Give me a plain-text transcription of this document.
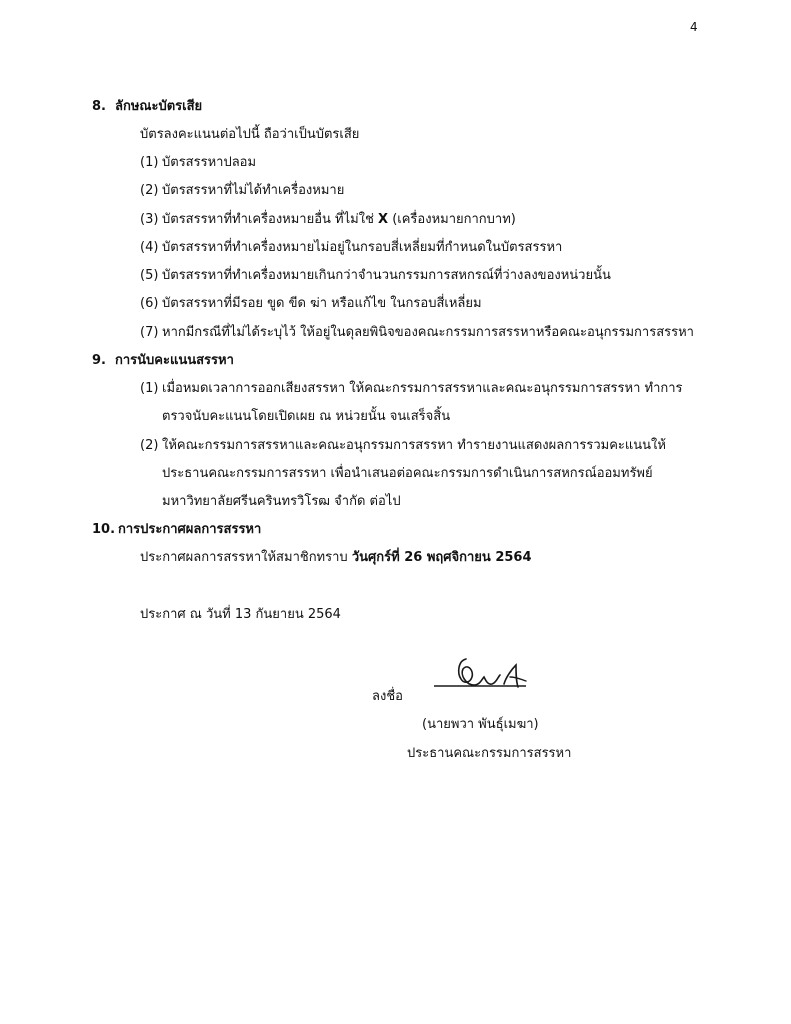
4
8. ลักษณะบัตรเสีย
บัตรลงคะแนนต่อไปนี้ ถือว่าเป็นบัตรเสีย
(1) บัตรสรรหาปลอม
(2) บัตรสรรหาที่ไม่ได้ทำเครื่องหมาย
(3) บัตรสรรหาที่ทำเครื่องหมายอื่น ที่ไม่ใช่ X (เครื่องหมายกากบาท)
(4) บัตรสรรหาที่ทำเครื่องหมายไม่อยู่ในกรอบสี่เหลี่ยมที่กำหนดในบัตรสรรหา
(5) บัตรสรรหาที่ทำเครื่องหมายเกินกว่าจำนวนกรรมการสหกรณ์ที่ว่างลงของหน่วยนั้น
(6) บัตรสรรหาที่มีรอย ขูด ขีด ฆ่า หรือแก้ไข ในกรอบสี่เหลี่ยม
(7) หากมีกรณีที่ไม่ได้ระบุไว้ ให้อยู่ในดุลยพินิจของคณะกรรมการสรรหาหรือคณะอนุกรรมการสรรหา
9. การนับคะแนนสรรหา
(1) เมื่อหมดเวลาการออกเสียงสรรหา ให้คณะกรรมการสรรหาและคณะอนุกรรมการสรรหา ทำการ
ตรวจนับคะแนนโดยเปิดเผย ณ หน่วยนั้น จนเสร็จสิ้น
(2) ให้คณะกรรมการสรรหาและคณะอนุกรรมการสรรหา ทำรายงานแสดงผลการรวมคะแนนให้
ประธานคณะกรรมการสรรหา เพื่อนำเสนอต่อคณะกรรมการดำเนินการสหกรณ์ออมทรัพย์
มหาวิทยาลัยศรีนครินทรวิโรฒ จำกัด ต่อไป
10. การประกาศผลการสรรหา
ประกาศผลการสรรหาให้สมาชิกทราบ วันศุกร์ที่ 26 พฤศจิกายน 2564
ประกาศ ณ วันที่ 13 กันยายน 2564
ลงชื่อ
(นายพวา พันธุ์เมฆา)
ประธานคณะกรรมการสรรหา
